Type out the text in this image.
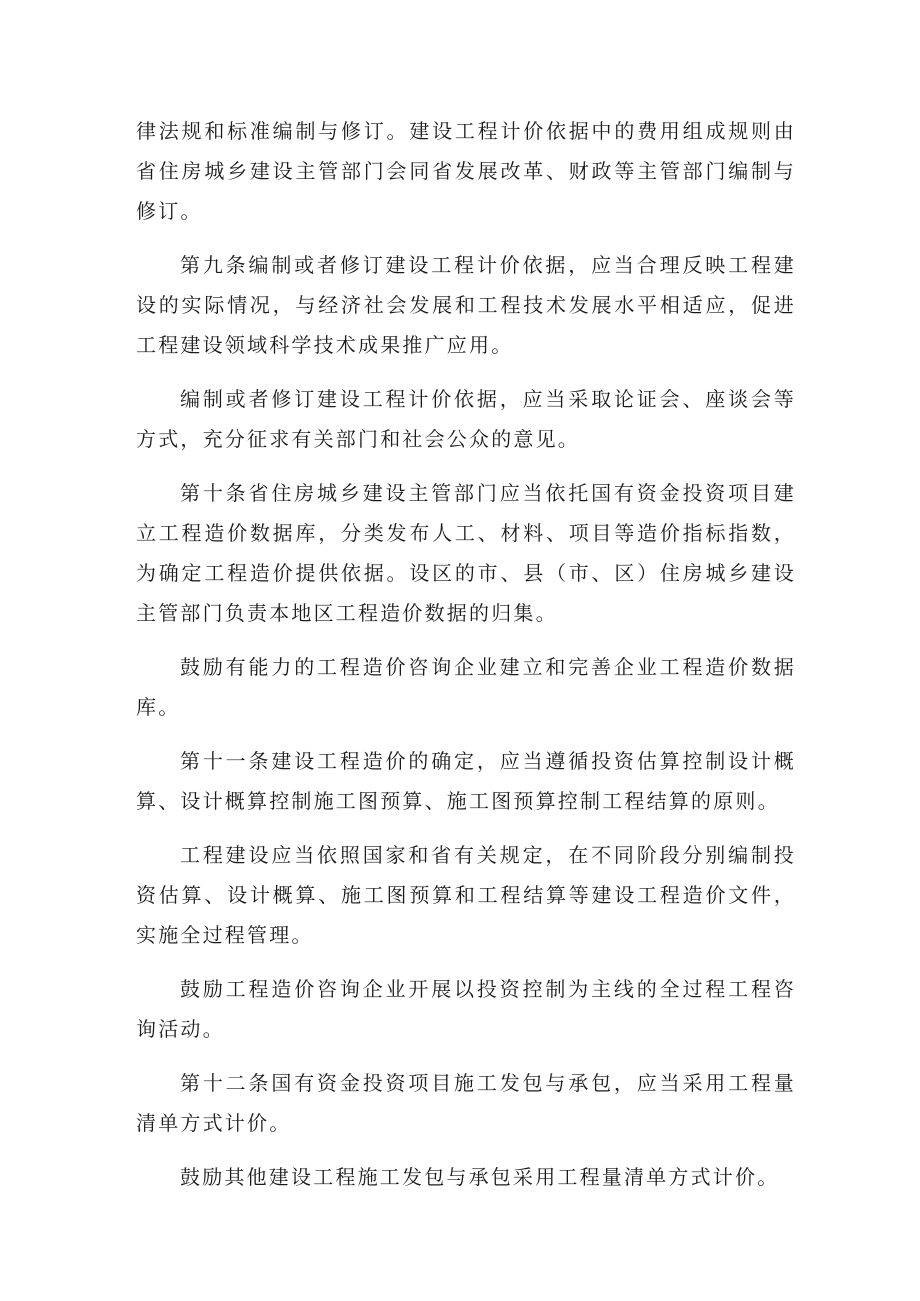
律法规和标准编制与修订。建设工程计价依据中的费用组成规则由省住房城乡建设主管部门会同省发展改革、财政等主管部门编制与修订。

第九条编制或者修订建设工程计价依据，应当合理反映工程建设的实际情况，与经济社会发展和工程技术发展水平相适应，促进工程建设领域科学技术成果推广应用。

编制或者修订建设工程计价依据，应当采取论证会、座谈会等方式，充分征求有关部门和社会公众的意见。

第十条省住房城乡建设主管部门应当依托国有资金投资项目建立工程造价数据库，分类发布人工、材料、项目等造价指标指数，为确定工程造价提供依据。设区的市、县（市、区）住房城乡建设主管部门负责本地区工程造价数据的归集。

鼓励有能力的工程造价咨询企业建立和完善企业工程造价数据库。

第十一条建设工程造价的确定，应当遵循投资估算控制设计概算、设计概算控制施工图预算、施工图预算控制工程结算的原则。

工程建设应当依照国家和省有关规定，在不同阶段分别编制投资估算、设计概算、施工图预算和工程结算等建设工程造价文件，实施全过程管理。

鼓励工程造价咨询企业开展以投资控制为主线的全过程工程咨询活动。

第十二条国有资金投资项目施工发包与承包，应当采用工程量清单方式计价。

鼓励其他建设工程施工发包与承包采用工程量清单方式计价。
